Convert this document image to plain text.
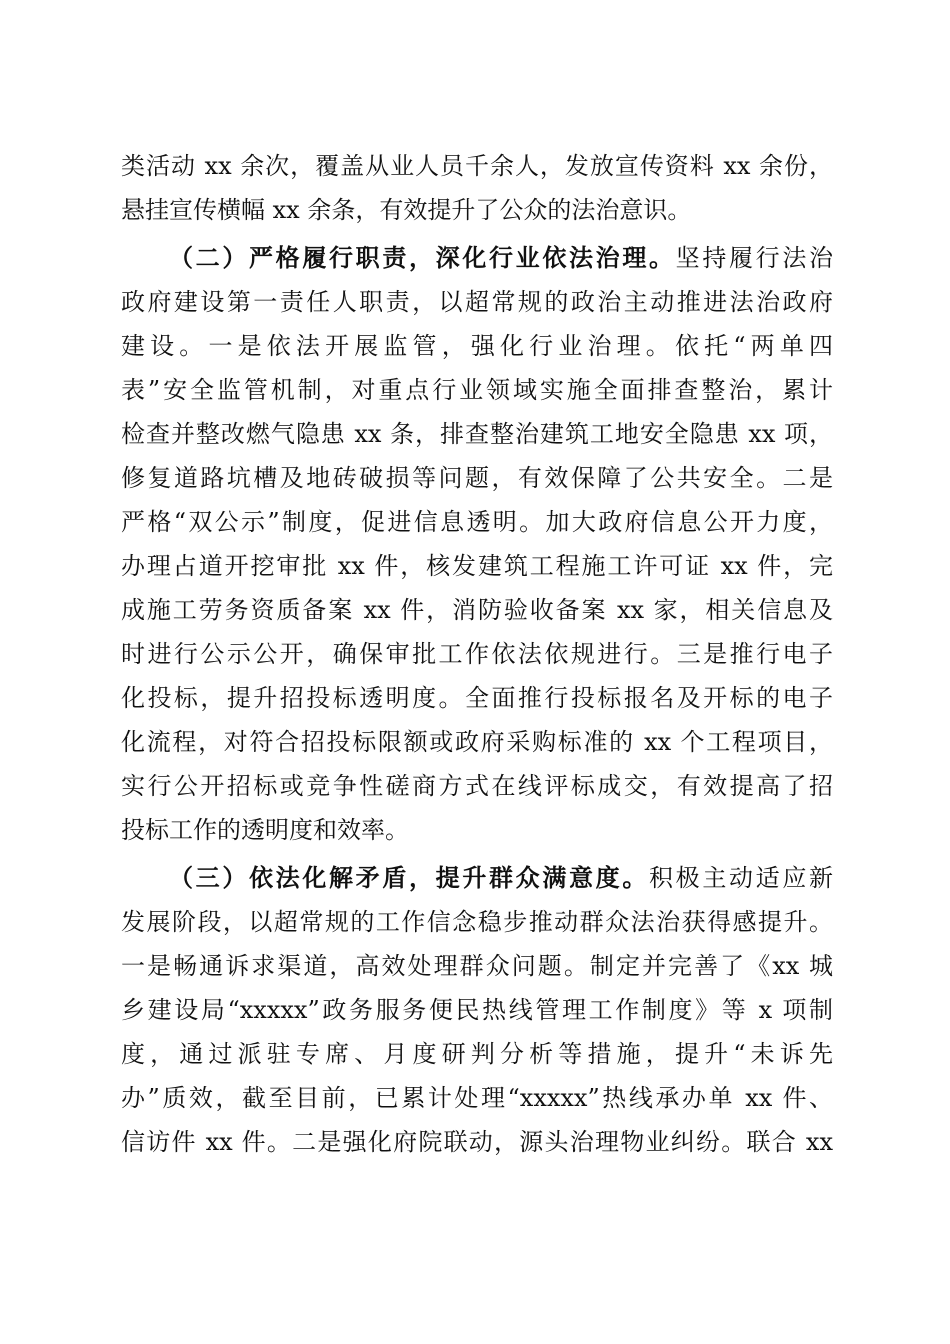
类活动 xx 余次，覆盖从业人员千余人，发放宣传资料 xx 余份，
悬挂宣传横幅 xx 余条，有效提升了公众的法治意识。
（二）严格履行职责，深化行业依法治理。坚持履行法治
政府建设第一责任人职责，以超常规的政治主动推进法治政府
建设。一是依法开展监管，强化行业治理。依托“两单四
表”安全监管机制，对重点行业领域实施全面排查整治，累计
检查并整改燃气隐患 xx 条，排查整治建筑工地安全隐患 xx 项，
修复道路坑槽及地砖破损等问题，有效保障了公共安全。二是
严格“双公示”制度，促进信息透明。加大政府信息公开力度，
办理占道开挖审批 xx 件，核发建筑工程施工许可证 xx 件，完
成施工劳务资质备案 xx 件，消防验收备案 xx 家，相关信息及
时进行公示公开，确保审批工作依法依规进行。三是推行电子
化投标，提升招投标透明度。全面推行投标报名及开标的电子
化流程，对符合招投标限额或政府采购标准的 xx 个工程项目，
实行公开招标或竞争性磋商方式在线评标成交，有效提高了招
投标工作的透明度和效率。
（三）依法化解矛盾，提升群众满意度。积极主动适应新
发展阶段，以超常规的工作信念稳步推动群众法治获得感提升。
一是畅通诉求渠道，高效处理群众问题。制定并完善了《xx 城
乡建设局“xxxxx”政务服务便民热线管理工作制度》等 x 项制
度，通过派驻专席、月度研判分析等措施，提升“未诉先
办”质效，截至目前，已累计处理“xxxxx”热线承办单 xx 件、
信访件 xx 件。二是强化府院联动，源头治理物业纠纷。联合 xx
